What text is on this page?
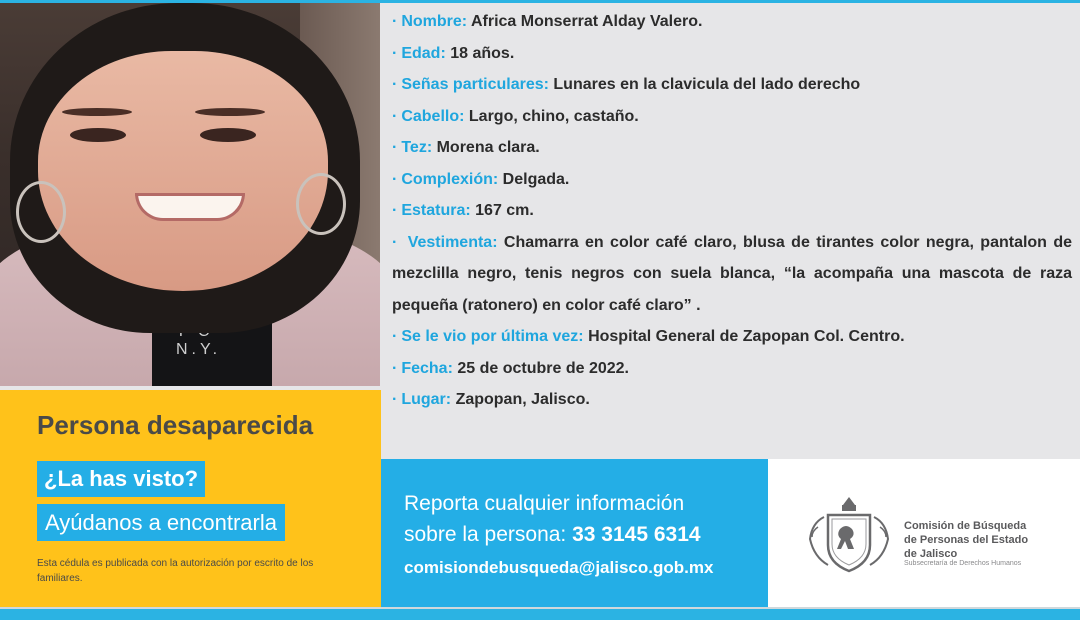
N.Y.
· Nombre: Africa Monserrat Alday Valero.
· Edad: 18 años.
· Señas particulares: Lunares en la clavicula del lado derecho
· Cabello: Largo, chino, castaño.
· Tez: Morena clara.
· Complexión: Delgada.
· Estatura: 167 cm.
· Vestimenta: Chamarra en color café claro, blusa de tirantes color negra, pantalon de mezclilla negro, tenis negros con suela blanca, “la acompaña una mascota de raza pequeña (ratonero) en color café claro” .
· Se le vio por última vez: Hospital General de Zapopan Col. Centro.
· Fecha: 25 de octubre de 2022.
· Lugar: Zapopan, Jalisco.
Persona desaparecida
¿La has visto?
Ayúdanos a encontrarla
Esta cédula es publicada con la autorización por escrito de los familiares.
Reporta cualquier información
sobre la persona: 33 3145 6314
comisiondebusqueda@jalisco.gob.mx
Comisión de Búsqueda
de Personas del Estado
de Jalisco
Subsecretaría de Derechos Humanos
